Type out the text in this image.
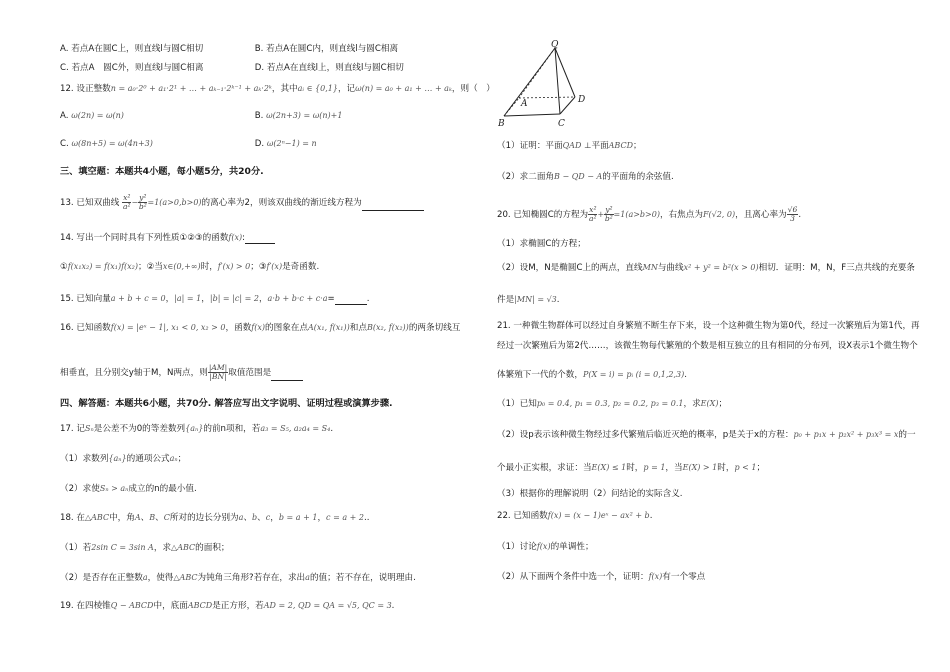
A. 若点A在圆C上，则直线l与圆C相切	B. 若点A在圆C内，则直线l与圆C相离
C. 若点A　圆C外，则直线l与圆C相离	D. 若点A在直线l上，则直线l与圆C相切
12. 设正整数n = a₀·2⁰ + a₁·2¹ + … + aₖ₋₁·2ᵏ⁻¹ + aₖ·2ᵏ，其中aᵢ ∈ {0,1}，记ω(n) = a₀ + a₁ + … + aₖ，则（　）
A. ω(2n) = ω(n)	B. ω(2n+3) = ω(n)+1
C. ω(8n+5) = ω(4n+3)	D. ω(2ⁿ−1) = n
三、填空题：本题共4小题，每小题5分，共20分.
13. 已知双曲线 $\frac{\text{x²}}{\text{a²}} - \frac{\text{y²}}{\text{b²}} =1(a>0,b>0)$的离心率为2，则该双曲线的渐近线方程为
14. 写出一个同时具有下列性质①②③的函数f(x):
①f(x₁x₂) = f(x₁)f(x₂)；②当x∈(0,+∞)时，f′(x) > 0；③f′(x)是奇函数.
15. 已知向量a + b + c = 0，|a| = 1，|b| = |c| = 2，a·b + b·c + c·a=	.
16. 已知函数f(x) = |eˣ − 1|, x₁ < 0, x₂ > 0，函数f(x)的图象在点A(x₁, f(x₁))和点B(x₂, f(x₂))的两条切线互
相垂直，且分别交y轴于M，N两点，则 $\frac{|AM|}{|BN|}$ 取值范围是
四、解答题：本题共6小题，共70分. 解答应写出文字说明、证明过程或演算步骤.
17. 记Sₙ是公差不为0的等差数列{aₙ}的前n项和，若a₃ = S₅, a₂a₄ = S₄.
（1）求数列{aₙ}的通项公式aₙ；
（2）求使Sₙ > aₙ成立的n的最小值.
18. 在△ABC中，角A、B、C所对的边长分别为a、b、c，b = a + 1，c = a + 2..
（1）若2sin C = 3sin A，求△ABC的面积；
（2）是否存在正整数a，使得△ABC为钝角三角形?若存在，求出a的值；若不存在，说明理由.
19. 在四棱锥Q − ABCD中，底面ABCD是正方形，若AD = 2, QD = QA = √5, QC = 3.
Q
A
B	C
D
（1）证明：平面QAD ⊥平面ABCD；
（2）求二面角B − QD − A的平面角的余弦值.
20. 已知椭圆C的方程为 $\frac{\text{x²}}{\text{a²}} + \frac{\text{y²}}{\text{b²}} =1(a>b>0)$，右焦点为F(√2, 0)，且离心率为 $\frac{√6}{3}$ .
（1）求椭圆C的方程；
（2）设M，N是椭圆C上的两点，直线MN与曲线x² + y² = b²(x > 0)相切．证明：M，N，F三点共线的充要条
件是|MN| = √3.
21. 一种微生物群体可以经过自身繁殖不断生存下来，设一个这种微生物为第0代，经过一次繁殖后为第1代，再
经过一次繁殖后为第2代……，该微生物每代繁殖的个数是相互独立的且有相同的分布列，设X表示1个微生物个
体繁殖下一代的个数，P(X = i) = pᵢ (i = 0,1,2,3).
（1）已知p₀ = 0.4, p₁ = 0.3, p₂ = 0.2, p₃ = 0.1，求E(X)；
（2）设p表示该种微生物经过多代繁殖后临近灭绝的概率，p是关于x的方程：p₀ + p₁x + p₂x² + p₃x³ = x的一
个最小正实根，求证：当E(X) ≤ 1时，p = 1，当E(X) > 1时，p < 1；
（3）根据你的理解说明（2）问结论的实际含义.
22. 已知函数f(x) = (x − 1)eˣ − ax² + b.
（1）讨论f(x)的单调性；
（2）从下面两个条件中选一个，证明：f(x)有一个零点
